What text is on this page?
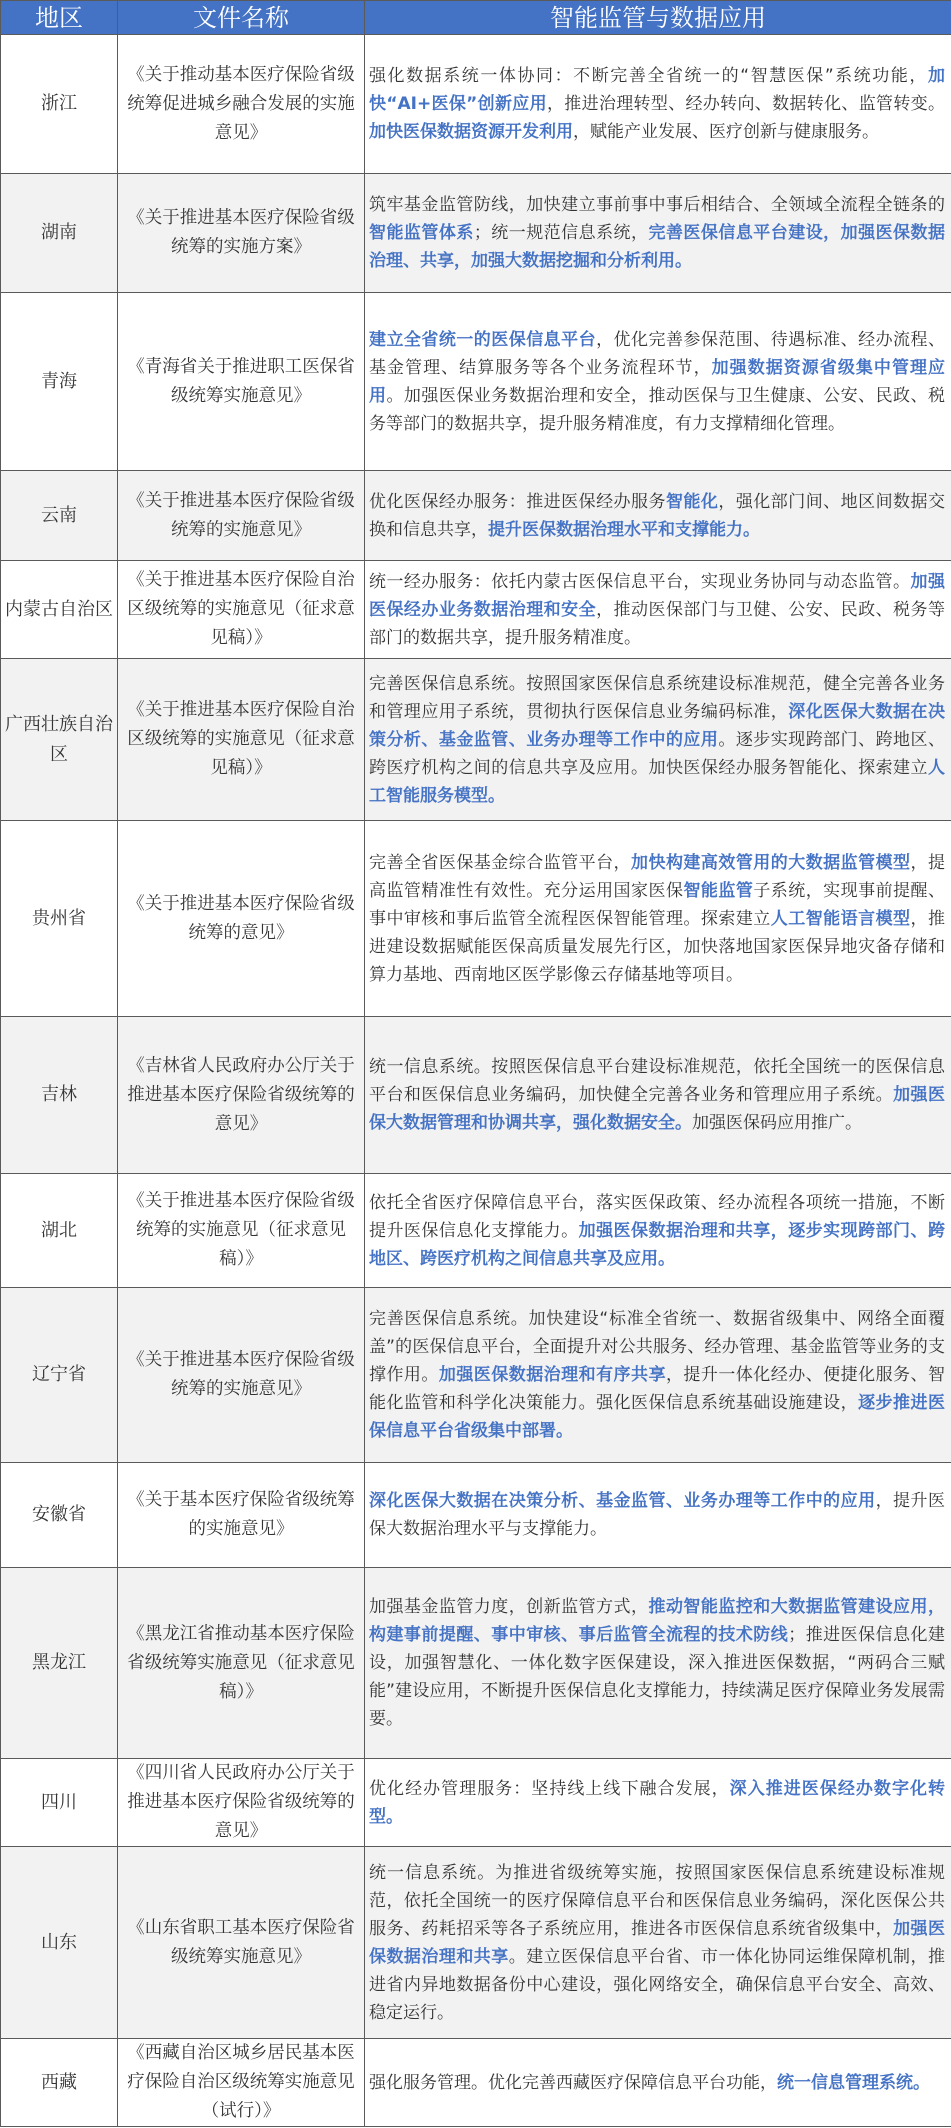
地区	文件名称	智能监管与数据应用
浙江	《关于推动基本医疗保险省级统筹促进城乡融合发展的实施意见》	强化数据系统一体协同：不断完善全省统一的“智慧医保”系统功能，加快“AI+医保”创新应用，推进治理转型、经办转向、数据转化、监管转变。加快医保数据资源开发利用，赋能产业发展、医疗创新与健康服务。
湖南	《关于推进基本医疗保险省级统筹的实施方案》	筑牢基金监管防线，加快建立事前事中事后相结合、全领域全流程全链条的智能监管体系；统一规范信息系统，完善医保信息平台建设，加强医保数据治理、共享，加强大数据挖掘和分析利用。
青海	《青海省关于推进职工医保省级统筹实施意见》	建立全省统一的医保信息平台，优化完善参保范围、待遇标准、经办流程、基金管理、结算服务等各个业务流程环节，加强数据资源省级集中管理应用。加强医保业务数据治理和安全，推动医保与卫生健康、公安、民政、税务等部门的数据共享，提升服务精准度，有力支撑精细化管理。
云南	《关于推进基本医疗保险省级统筹的实施意见》	优化医保经办服务：推进医保经办服务智能化，强化部门间、地区间数据交换和信息共享，提升医保数据治理水平和支撑能力。
内蒙古自治区	《关于推进基本医疗保险自治区级统筹的实施意见（征求意见稿）》	统一经办服务：依托内蒙古医保信息平台，实现业务协同与动态监管。加强医保经办业务数据治理和安全，推动医保部门与卫健、公安、民政、税务等部门的数据共享，提升服务精准度。
广西壮族自治区	《关于推进基本医疗保险自治区级统筹的实施意见（征求意见稿）》	完善医保信息系统。按照国家医保信息系统建设标准规范，健全完善各业务和管理应用子系统，贯彻执行医保信息业务编码标准，深化医保大数据在决策分析、基金监管、业务办理等工作中的应用。逐步实现跨部门、跨地区、跨医疗机构之间的信息共享及应用。加快医保经办服务智能化、探索建立人工智能服务模型。
贵州省	《关于推进基本医疗保险省级统筹的意见》	完善全省医保基金综合监管平台，加快构建高效管用的大数据监管模型，提高监管精准性有效性。充分运用国家医保智能监管子系统，实现事前提醒、事中审核和事后监管全流程医保智能管理。探索建立人工智能语言模型，推进建设数据赋能医保高质量发展先行区，加快落地国家医保异地灾备存储和算力基地、西南地区医学影像云存储基地等项目。
吉林	《吉林省人民政府办公厅关于推进基本医疗保险省级统筹的意见》	统一信息系统。按照医保信息平台建设标准规范，依托全国统一的医保信息平台和医保信息业务编码，加快健全完善各业务和管理应用子系统。加强医保大数据管理和协调共享，强化数据安全。加强医保码应用推广。
湖北	《关于推进基本医疗保险省级统筹的实施意见（征求意见稿）》	依托全省医疗保障信息平台，落实医保政策、经办流程各项统一措施，不断提升医保信息化支撑能力。加强医保数据治理和共享，逐步实现跨部门、跨地区、跨医疗机构之间信息共享及应用。
辽宁省	《关于推进基本医疗保险省级统筹的实施意见》	完善医保信息系统。加快建设“标准全省统一、数据省级集中、网络全面覆盖”的医保信息平台，全面提升对公共服务、经办管理、基金监管等业务的支撑作用。加强医保数据治理和有序共享，提升一体化经办、便捷化服务、智能化监管和科学化决策能力。强化医保信息系统基础设施建设，逐步推进医保信息平台省级集中部署。
安徽省	《关于基本医疗保险省级统筹的实施意见》	深化医保大数据在决策分析、基金监管、业务办理等工作中的应用，提升医保大数据治理水平与支撑能力。
黑龙江	《黑龙江省推动基本医疗保险省级统筹实施意见（征求意见稿）》	加强基金监管力度，创新监管方式，推动智能监控和大数据监管建设应用，构建事前提醒、事中审核、事后监管全流程的技术防线；推进医保信息化建设，加强智慧化、一体化数字医保建设，深入推进医保数据，“两码合三赋能”建设应用，不断提升医保信息化支撑能力，持续满足医疗保障业务发展需要。
四川	《四川省人民政府办公厅关于推进基本医疗保险省级统筹的意见》	优化经办管理服务：坚持线上线下融合发展，深入推进医保经办数字化转型。
山东	《山东省职工基本医疗保险省级统筹实施意见》	统一信息系统。为推进省级统筹实施，按照国家医保信息系统建设标准规范，依托全国统一的医疗保障信息平台和医保信息业务编码，深化医保公共服务、药耗招采等各子系统应用，推进各市医保信息系统省级集中，加强医保数据治理和共享。建立医保信息平台省、市一体化协同运维保障机制，推进省内异地数据备份中心建设，强化网络安全，确保信息平台安全、高效、稳定运行。
西藏	《西藏自治区城乡居民基本医疗保险自治区级统筹实施意见（试行）》	强化服务管理。优化完善西藏医疗保障信息平台功能，统一信息管理系统。
